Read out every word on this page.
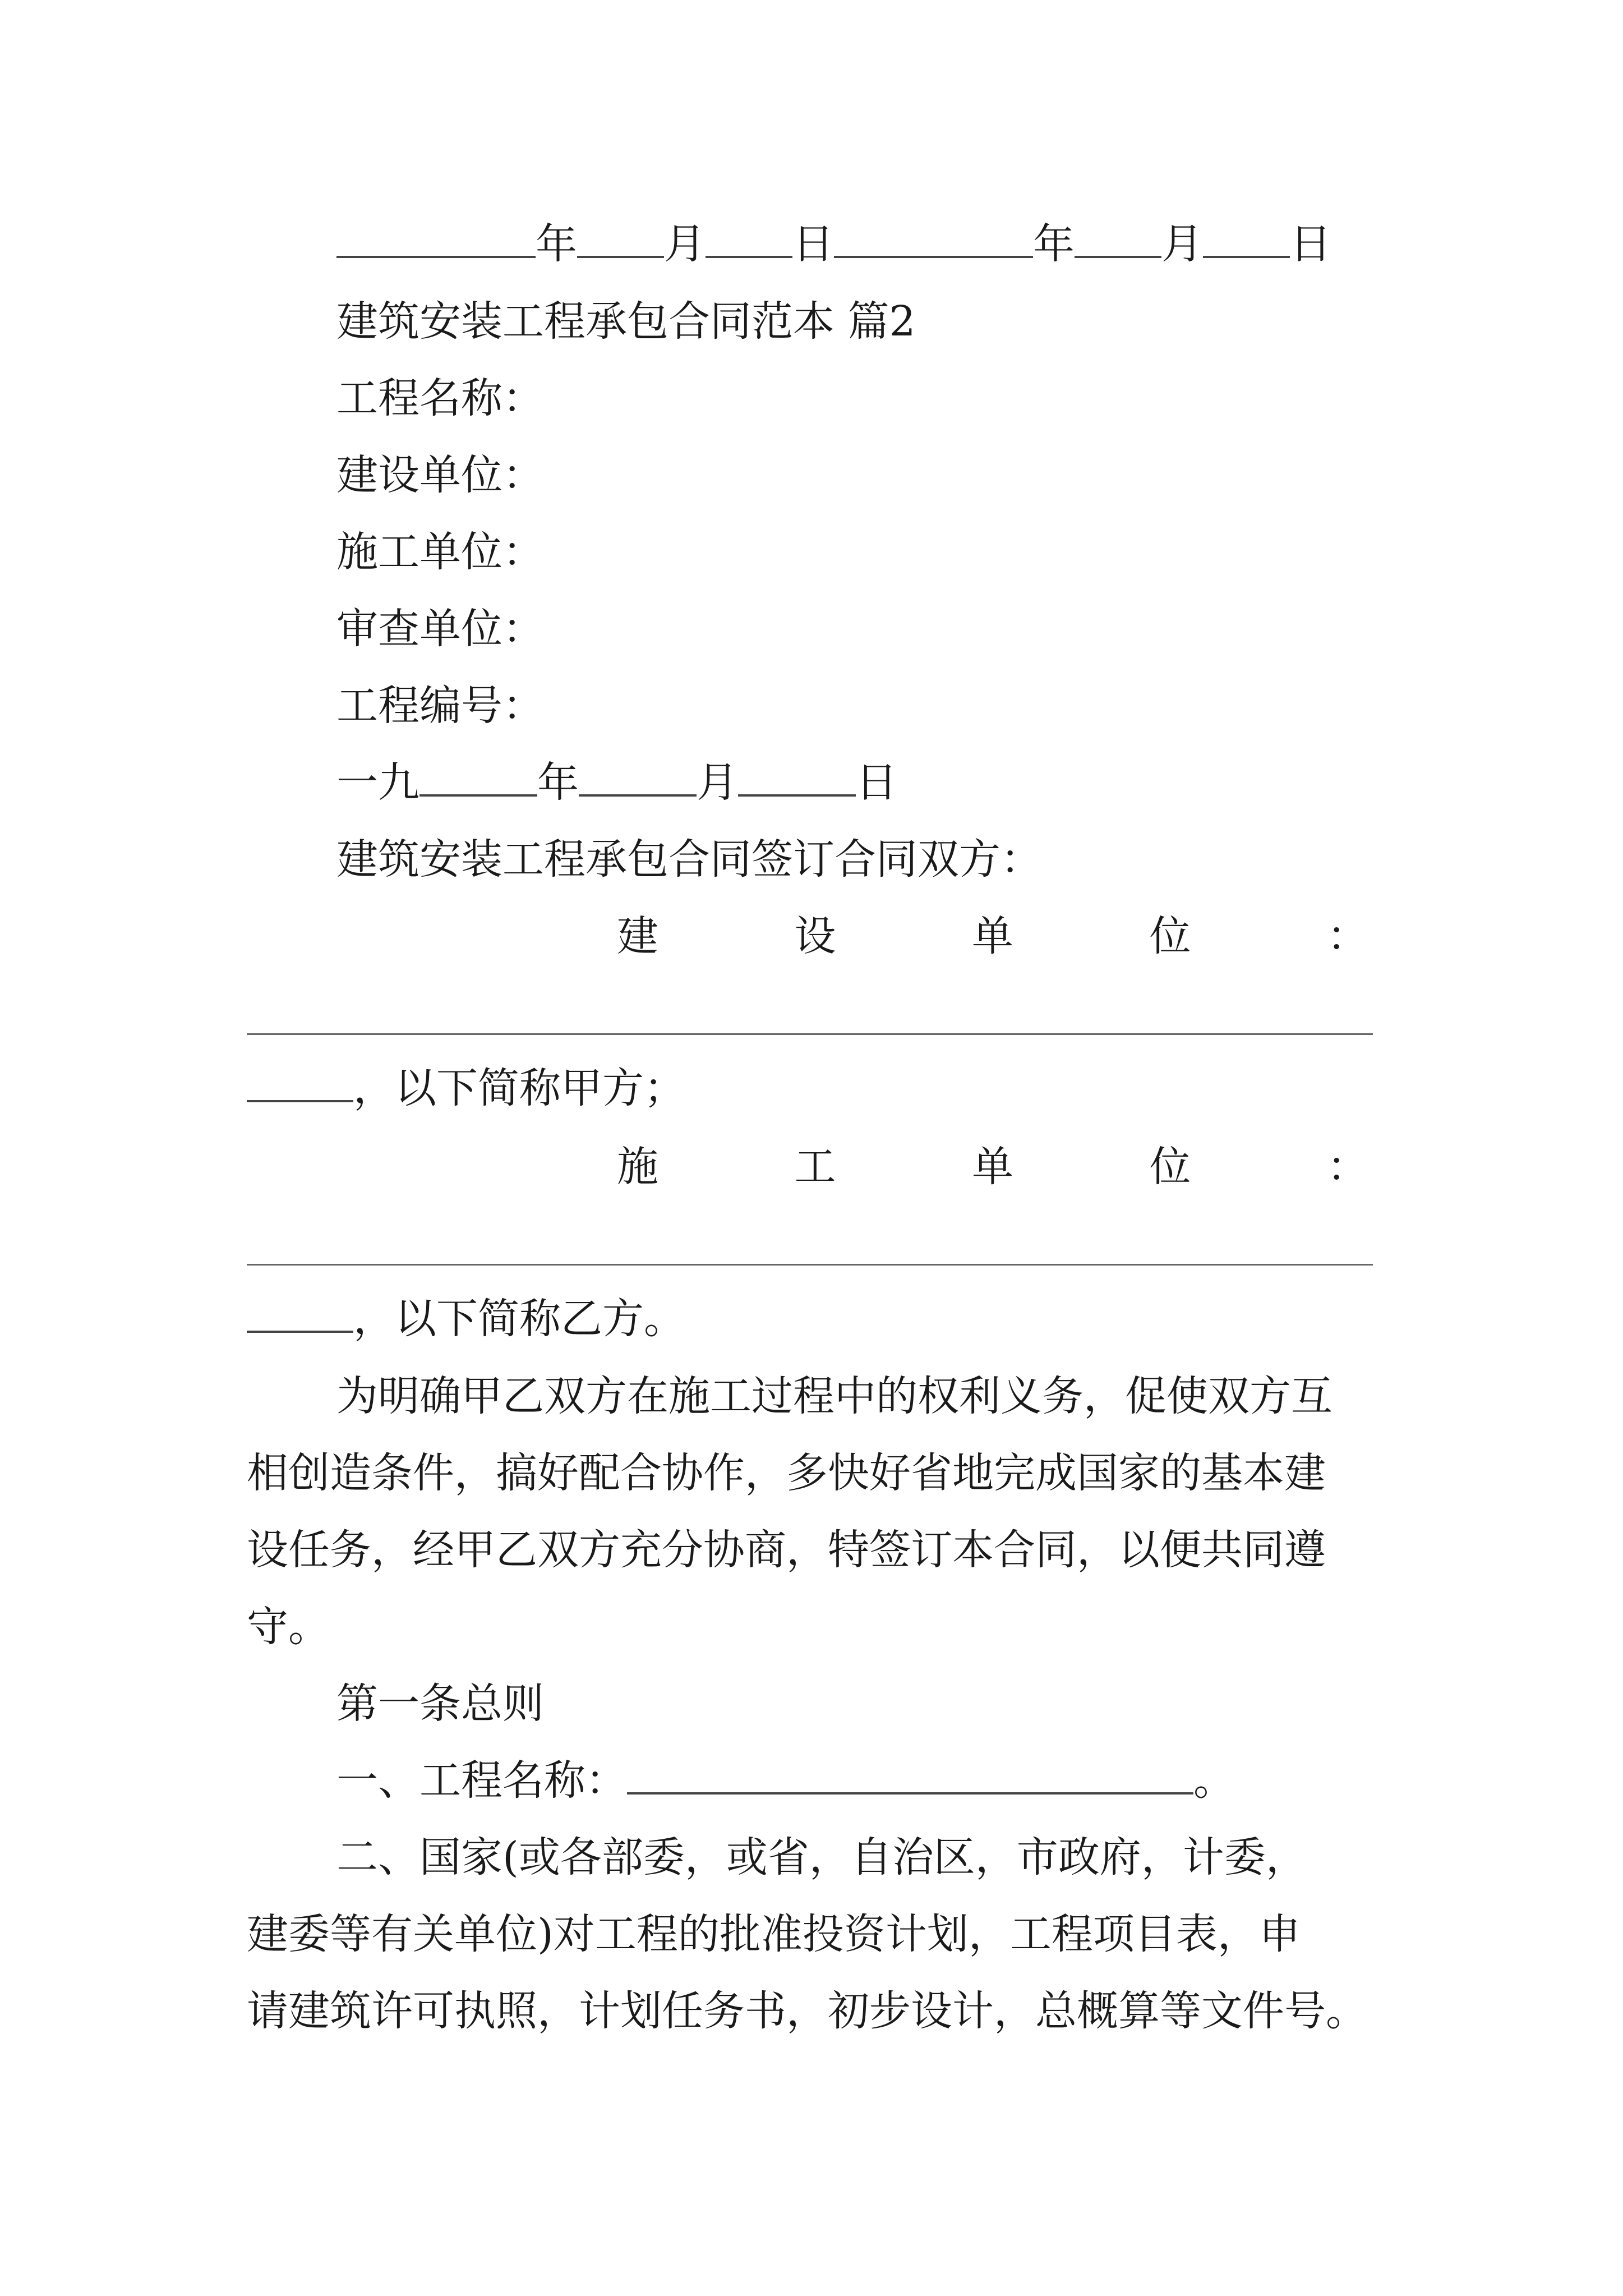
年 月 日	年 月 日
建筑安装工程承包合同范本 篇2
工程名称：
建设单位：
施工单位：
审查单位：
工程编号：
一九	年	月	日
建筑安装工程承包合同签订合同双方：
建	设	单	位	：
，以下简称甲方；
施	工	单	位	：
，以下简称乙方。
为明确甲乙双方在施工过程中的权利义务，促使双方互
相创造条件，搞好配合协作，多快好省地完成国家的基本建
设任务，经甲乙双方充分协商，特签订本合同，以便共同遵
守。
第一条总则
一、工程名称：	。
二、国家(或各部委，或省，自治区，市政府，计委，
建委等有关单位)对工程的批准投资计划，工程项目表，申
请建筑许可执照，计划任务书，初步设计，总概算等文件号。
